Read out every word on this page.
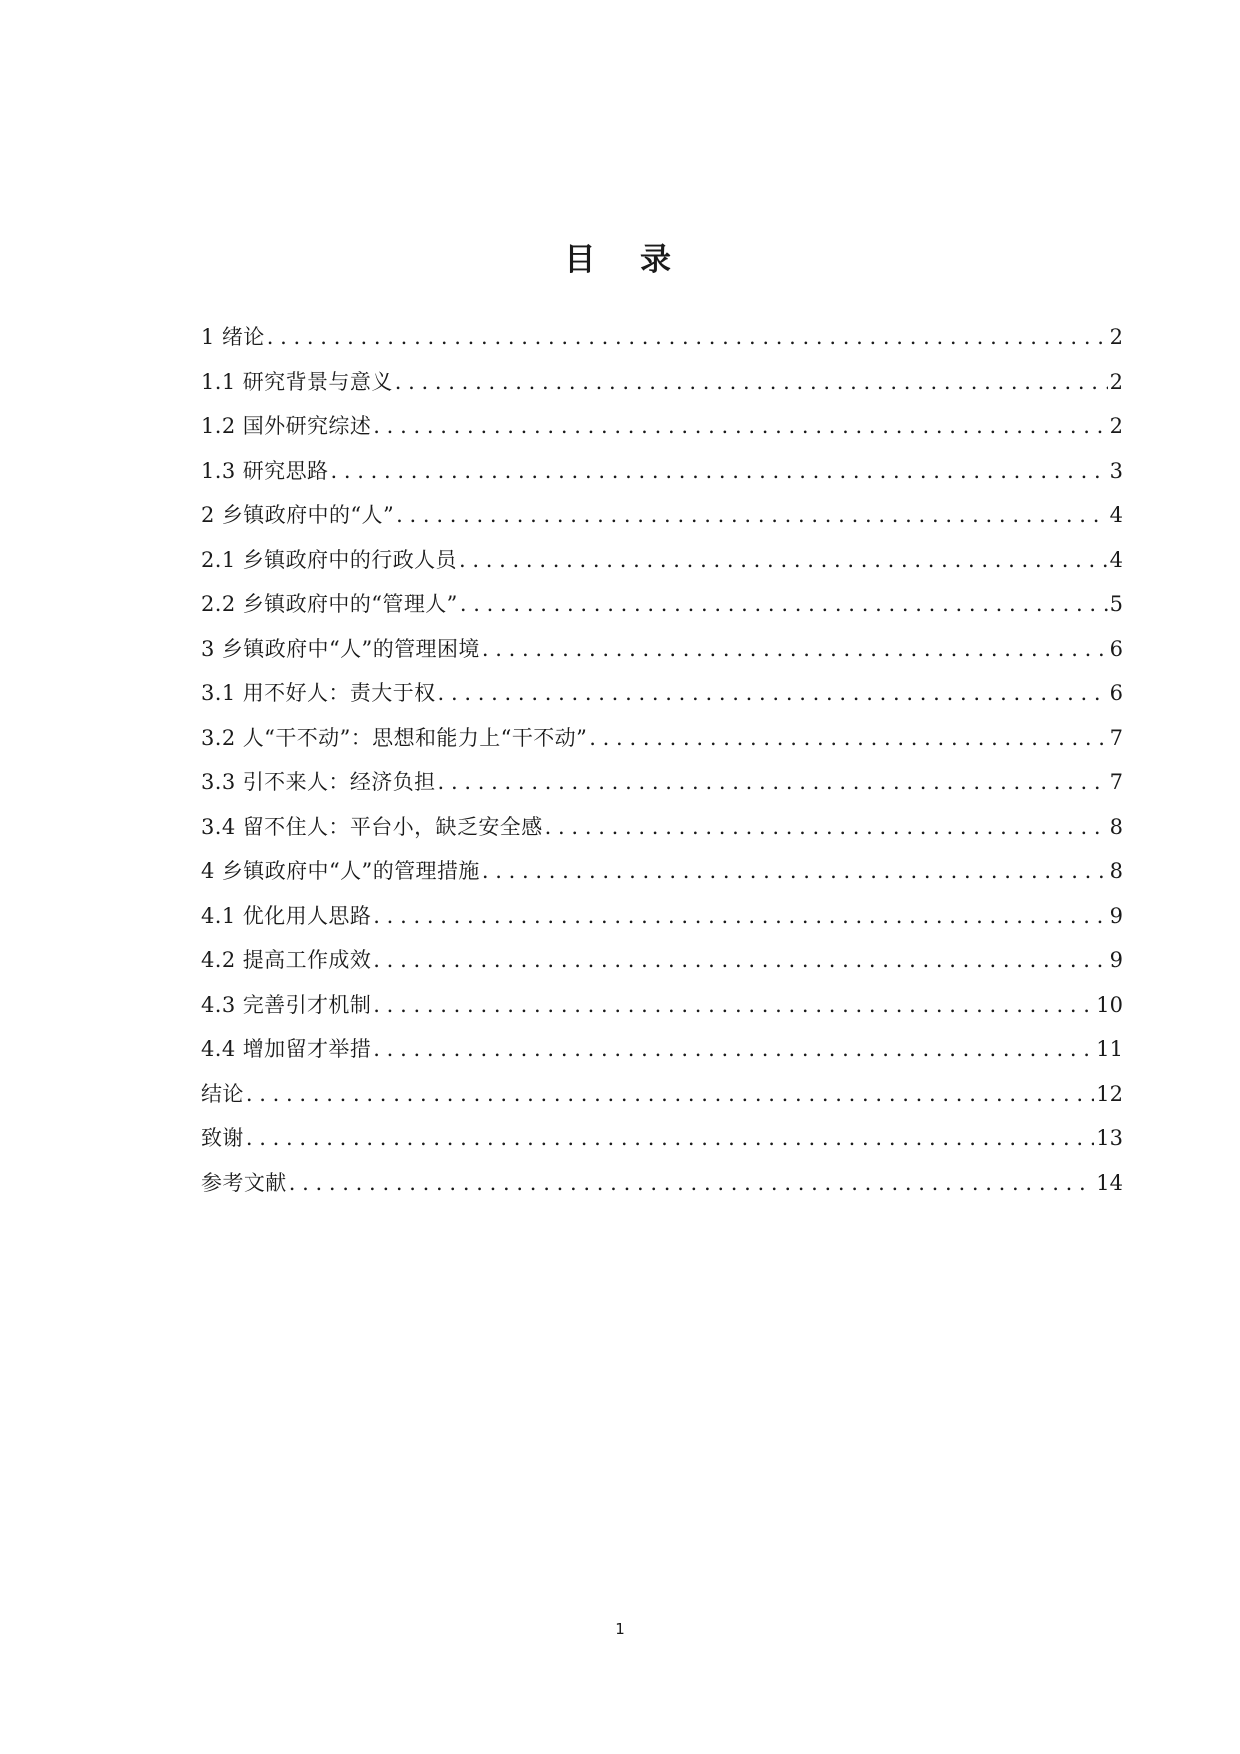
目 录
1 绪论 .....	2
1.1 研究背景与意义 .....	2
1.2 国外研究综述 .....	2
1.3 研究思路 .....	3
2 乡镇政府中的“人” .....	4
2.1 乡镇政府中的行政人员 .....	4
2.2 乡镇政府中的“管理人” .....	5
3 乡镇政府中“人”的管理困境 .....	6
3.1 用不好人：责大于权 .....	6
3.2 人“干不动”：思想和能力上“干不动” .....	7
3.3 引不来人：经济负担 .....	7
3.4 留不住人：平台小，缺乏安全感 .....	8
4 乡镇政府中“人”的管理措施 .....	8
4.1 优化用人思路 .....	9
4.2 提高工作成效 .....	9
4.3 完善引才机制 .....	10
4.4 增加留才举措 .....	11
结论 .....	12
致谢 .....	13
参考文献 .....	14
1
